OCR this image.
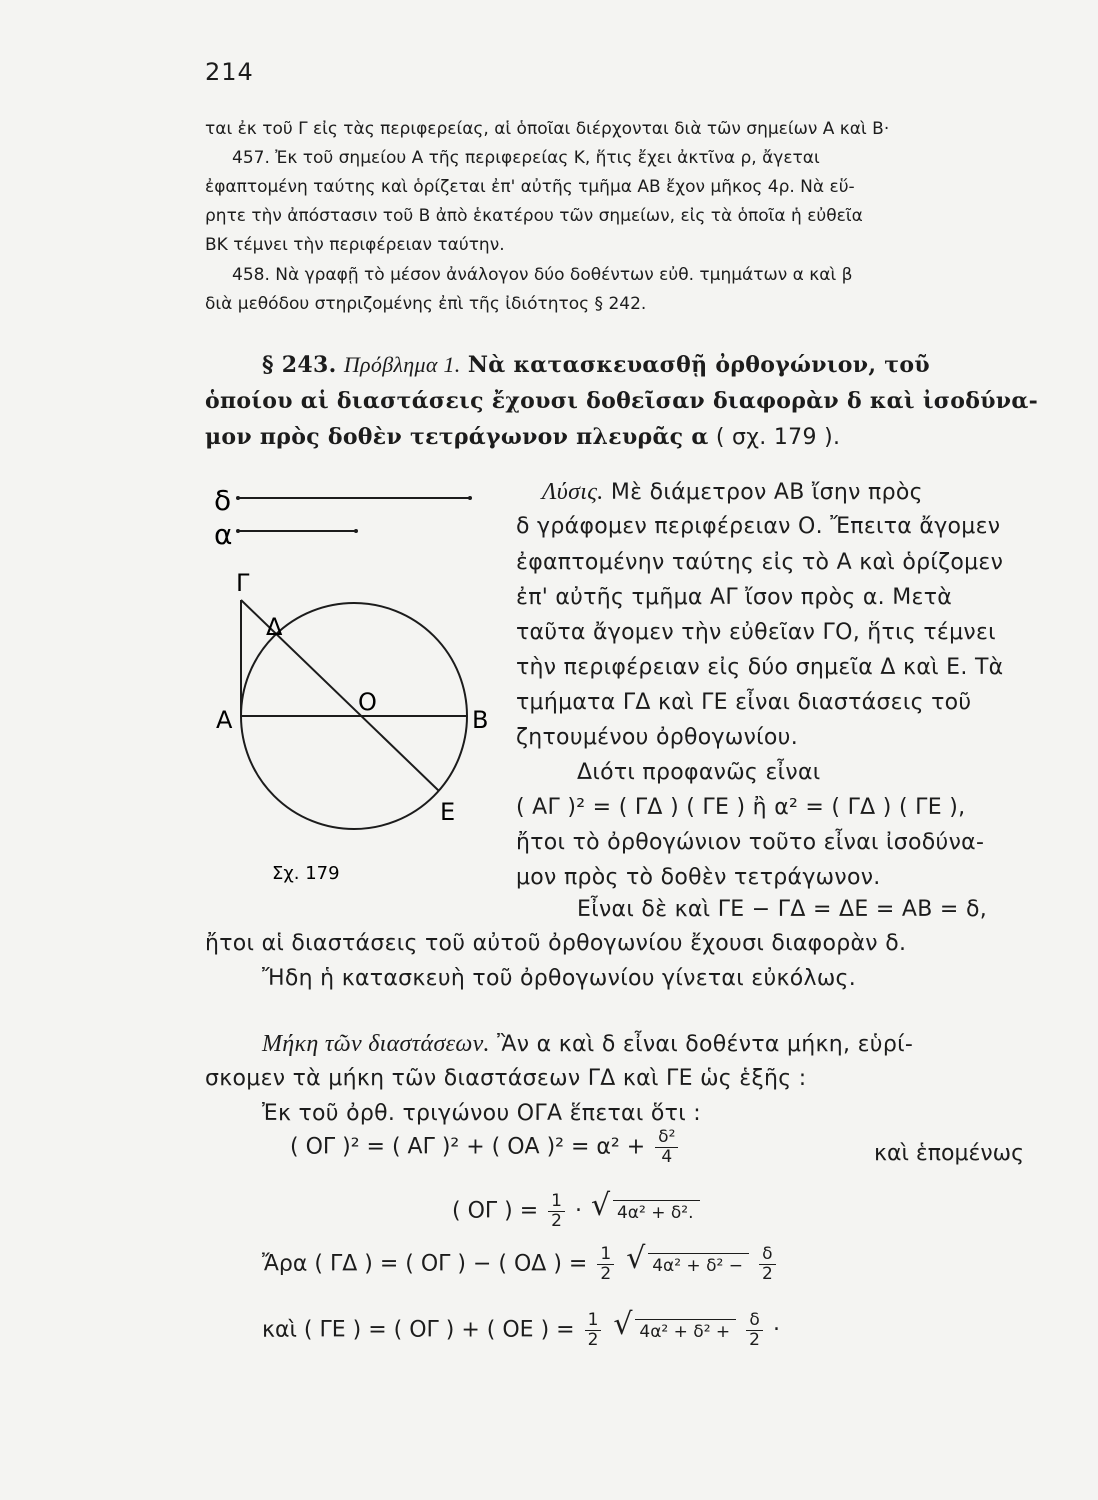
214
ται ἐκ τοῦ Γ εἰς τὰς περιφερείας, αἱ ὁποῖαι διέρχονται διὰ τῶν σημείων Α καὶ Β·
457. Ἐκ τοῦ σημείου Α τῆς περιφερείας Κ, ἥτις ἔχει ἀκτῖνα ρ, ἄγεται
ἐφαπτομένη ταύτης καὶ ὁρίζεται ἐπ' αὐτῆς τμῆμα ΑΒ ἔχον μῆκος 4ρ. Νὰ εὕ-
ρητε τὴν ἀπόστασιν τοῦ Β ἀπὸ ἑκατέρου τῶν σημείων, εἰς τὰ ὁποῖα ἡ εὐθεῖα
ΒΚ τέμνει τὴν περιφέρειαν ταύτην.
458. Νὰ γραφῇ τὸ μέσον ἀνάλογον δύο δοθέντων εὐθ. τμημάτων α καὶ β
διὰ μεθόδου στηριζομένης ἐπὶ τῆς ἰδιότητος § 242.
§ 243. Πρόβλημα 1. Νὰ κατασκευασθῇ ὀρθογώνιον, τοῦ
ὁποίου αἱ διαστάσεις ἔχουσι δοθεῖσαν διαφορὰν δ καὶ ἰσοδύνα-
μον πρὸς δοθὲν τετράγωνον πλευρᾶς α ( σχ. 179 ).
δ
α
Γ
Δ
Α
Ο
Β
Ε
Σχ. 179
Λύσις. Μὲ διάμετρον ΑΒ ἴσην πρὸς
δ γράφομεν περιφέρειαν Ο. Ἔπειτα ἄγομεν
ἐφαπτομένην ταύτης εἰς τὸ Α καὶ ὁρίζομεν
ἐπ' αὐτῆς τμῆμα ΑΓ ἴσον πρὸς α. Μετὰ
ταῦτα ἄγομεν τὴν εὐθεῖαν ΓΟ, ἥτις τέμνει
τὴν περιφέρειαν εἰς δύο σημεῖα Δ καὶ Ε. Τὰ
τμήματα ΓΔ καὶ ΓΕ εἶναι διαστάσεις τοῦ
ζητουμένου ὀρθογωνίου.
Διότι προφανῶς εἶναι
( ΑΓ )² = ( ΓΔ ) ( ΓΕ ) ἢ α² = ( ΓΔ ) ( ΓΕ ),
ἤτοι τὸ ὀρθογώνιον τοῦτο εἶναι ἰσοδύνα-
μον πρὸς τὸ δοθὲν τετράγωνον.
Εἶναι δὲ καὶ ΓΕ − ΓΔ = ΔΕ = ΑΒ = δ,
ἤτοι αἱ διαστάσεις τοῦ αὐτοῦ ὀρθογωνίου ἔχουσι διαφορὰν δ.
Ἤδη ἡ κατασκευὴ τοῦ ὀρθογωνίου γίνεται εὐκόλως.
Μήκη τῶν διαστάσεων. Ἂν α καὶ δ εἶναι δοθέντα μήκη, εὑρί-
σκομεν τὰ μήκη τῶν διαστάσεων ΓΔ καὶ ΓΕ ὡς ἑξῆς :
Ἐκ τοῦ ὀρθ. τριγώνου ΟΓΑ ἕπεται ὅτι :
( ΟΓ )² = ( ΑΓ )² + ( ΟΑ )$^2 = \alpha^2 + \frac{\text{δ²}}{4}$	καὶ ἑπομένως
( ΟΓ ) = $\frac{1}{2}$ · √ 4α² + δ².
Ἄρα ( ΓΔ ) = ( ΟΓ ) − ( ΟΔ ) = $\frac{1}{2}$
√ $4\alpha^2 + \delta^2 - \frac{\delta}{2}$
καὶ ( ΓΕ ) = ( ΟΓ ) + ( ΟΕ ) = $\frac{1}{2}$
√ $4\alpha^2 + \delta^2 + \frac{\delta}{2}$ ·
